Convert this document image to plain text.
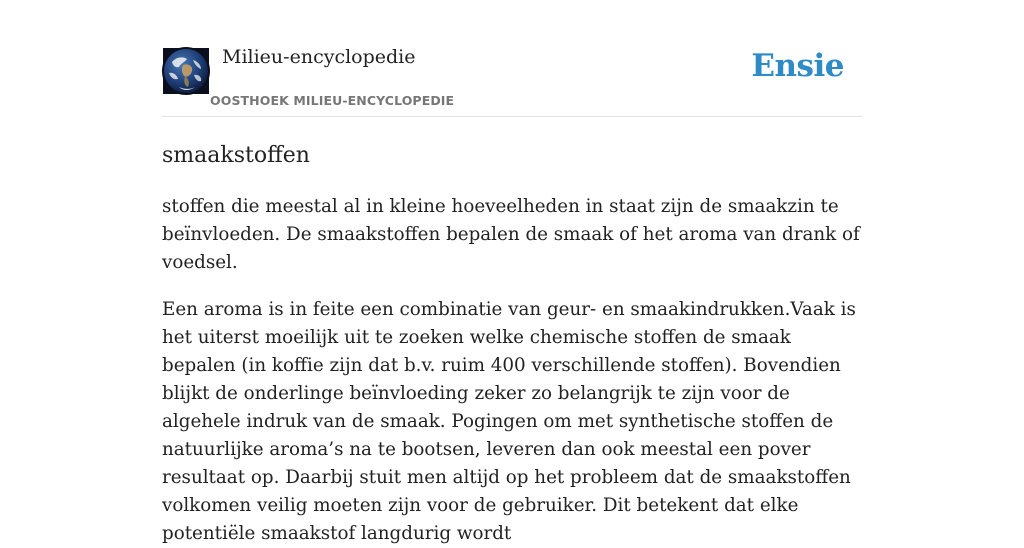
Milieu-encyclopedie
OOSTHOEK MILIEU-ENCYCLOPEDIE
Ensie
smaakstoffen

stoffen die meestal al in kleine hoeveelheden in staat zijn de smaakzin te beïnvloeden. De smaakstoffen bepalen de smaak of het aroma van drank of voedsel.

Een aroma is in feite een combinatie van geur- en smaakindrukken.Vaak is het uiterst moeilijk uit te zoeken welke chemische stoffen de smaak bepalen (in koffie zijn dat b.v. ruim 400 verschillende stoffen). Bovendien blijkt de onderlinge beïnvloeding zeker zo belangrijk te zijn voor de algehele indruk van de smaak. Pogingen om met synthetische stoffen de natuurlijke aroma’s na te bootsen, leveren dan ook meestal een pover resultaat op. Daarbij stuit men altijd op het probleem dat de smaakstoffen volkomen veilig moeten zijn voor de gebruiker. Dit betekent dat elke potentiële smaakstof langdurig wordt
